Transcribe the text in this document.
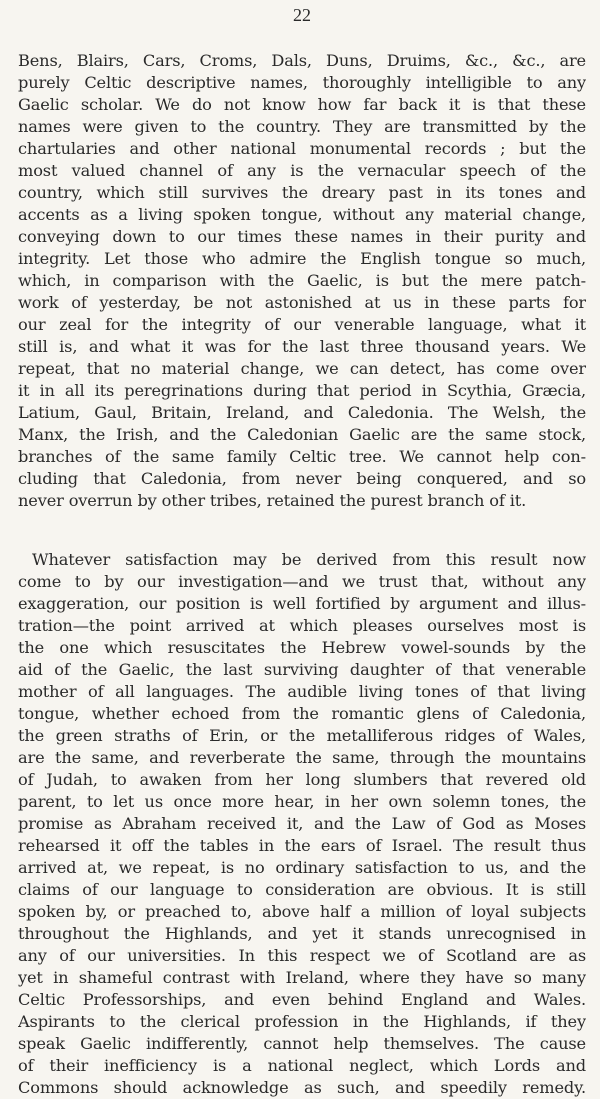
22
Bens, Blairs, Cars, Croms, Dals, Duns, Druims, &c., &c., are
purely Celtic descriptive names, thoroughly intelligible to any
Gaelic scholar. We do not know how far back it is that these
names were given to the country. They are transmitted by the
chartularies and other national monumental records ; but the
most valued channel of any is the vernacular speech of the
country, which still survives the dreary past in its tones and
accents as a living spoken tongue, without any material change,
conveying down to our times these names in their purity and
integrity. Let those who admire the English tongue so much,
which, in comparison with the Gaelic, is but the mere patch-
work of yesterday, be not astonished at us in these parts for
our zeal for the integrity of our venerable language, what it
still is, and what it was for the last three thousand years. We
repeat, that no material change, we can detect, has come over
it in all its peregrinations during that period in Scythia, Græcia,
Latium, Gaul, Britain, Ireland, and Caledonia. The Welsh, the
Manx, the Irish, and the Caledonian Gaelic are the same stock,
branches of the same family Celtic tree. We cannot help con-
cluding that Caledonia, from never being conquered, and so
never overrun by other tribes, retained the purest branch of it.
Whatever satisfaction may be derived from this result now
come to by our investigation—and we trust that, without any
exaggeration, our position is well fortified by argument and illus-
tration—the point arrived at which pleases ourselves most is
the one which resuscitates the Hebrew vowel-sounds by the
aid of the Gaelic, the last surviving daughter of that venerable
mother of all languages. The audible living tones of that living
tongue, whether echoed from the romantic glens of Caledonia,
the green straths of Erin, or the metalliferous ridges of Wales,
are the same, and reverberate the same, through the mountains
of Judah, to awaken from her long slumbers that revered old
parent, to let us once more hear, in her own solemn tones, the
promise as Abraham received it, and the Law of God as Moses
rehearsed it off the tables in the ears of Israel. The result thus
arrived at, we repeat, is no ordinary satisfaction to us, and the
claims of our language to consideration are obvious. It is still
spoken by, or preached to, above half a million of loyal subjects
throughout the Highlands, and yet it stands unrecognised in
any of our universities. In this respect we of Scotland are as
yet in shameful contrast with Ireland, where they have so many
Celtic Professorships, and even behind England and Wales.
Aspirants to the clerical profession in the Highlands, if they
speak Gaelic indifferently, cannot help themselves. The cause
of their inefficiency is a national neglect, which Lords and
Commons should acknowledge as such, and speedily remedy.
